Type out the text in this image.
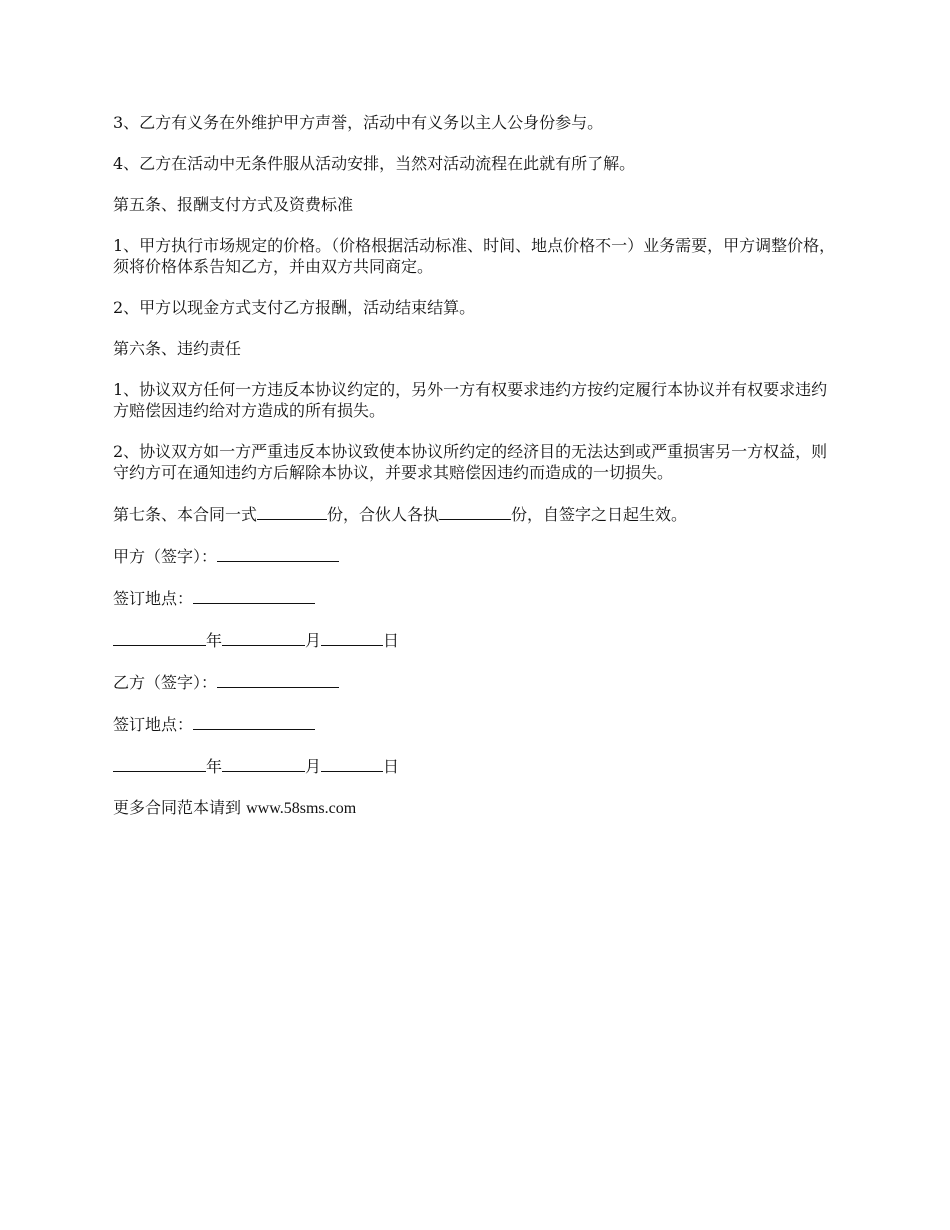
3、乙方有义务在外维护甲方声誉，活动中有义务以主人公身份参与。

4、乙方在活动中无条件服从活动安排，当然对活动流程在此就有所了解。

第五条、报酬支付方式及资费标准

1、甲方执行市场规定的价格。（价格根据活动标准、时间、地点价格不一）业务需要，甲方调整价格，须将价格体系告知乙方，并由双方共同商定。

2、甲方以现金方式支付乙方报酬，活动结束结算。

第六条、违约责任

1、协议双方任何一方违反本协议约定的，另外一方有权要求违约方按约定履行本协议并有权要求违约方赔偿因违约给对方造成的所有损失。

2、协议双方如一方严重违反本协议致使本协议所约定的经济目的无法达到或严重损害另一方权益，则守约方可在通知违约方后解除本协议，并要求其赔偿因违约而造成的一切损失。

第七条、本合同一式	份，合伙人各执	份，自签字之日起生效。

甲方（签字）：

签订地点：

年	月	日

乙方（签字）：

签订地点：

年	月	日

更多合同范本请到 www.58sms.com
